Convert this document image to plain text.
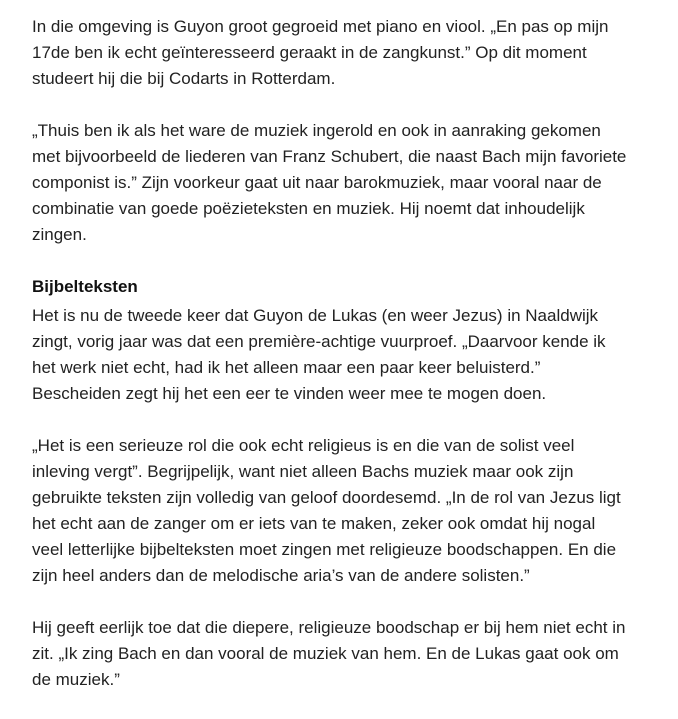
In die omgeving is Guyon groot gegroeid met piano en viool. „En pas op mijn
17de ben ik echt geïnteresseerd geraakt in de zangkunst.” Op dit moment
studeert hij die bij Codarts in Rotterdam.

„Thuis ben ik als het ware de muziek ingerold en ook in aanraking gekomen
met bijvoorbeeld de liederen van Franz Schubert, die naast Bach mijn favoriete
componist is.” Zijn voorkeur gaat uit naar barokmuziek, maar vooral naar de
combinatie van goede poëzieteksten en muziek. Hij noemt dat inhoudelijk
zingen.

Bijbelteksten

Het is nu de tweede keer dat Guyon de Lukas (en weer Jezus) in Naaldwijk
zingt, vorig jaar was dat een première-achtige vuurproef. „Daarvoor kende ik
het werk niet echt, had ik het alleen maar een paar keer beluisterd.”
Bescheiden zegt hij het een eer te vinden weer mee te mogen doen.

„Het is een serieuze rol die ook echt religieus is en die van de solist veel
inleving vergt”. Begrijpelijk, want niet alleen Bachs muziek maar ook zijn
gebruikte teksten zijn volledig van geloof doordesemd. „In de rol van Jezus ligt
het echt aan de zanger om er iets van te maken, zeker ook omdat hij nogal
veel letterlijke bijbelteksten moet zingen met religieuze boodschappen. En die
zijn heel anders dan de melodische aria’s van de andere solisten.”

Hij geeft eerlijk toe dat die diepere, religieuze boodschap er bij hem niet echt in
zit. „Ik zing Bach en dan vooral de muziek van hem. En de Lukas gaat ook om
de muziek.”
